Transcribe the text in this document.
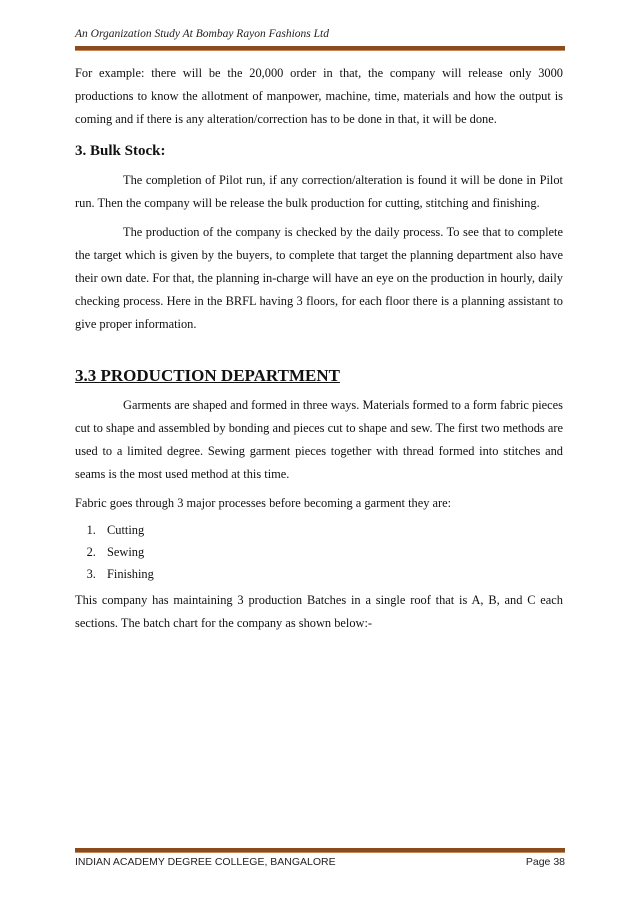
An Organization Study At Bombay Rayon Fashions Ltd

For example: there will be the 20,000 order in that, the company will release only 3000 productions to know the allotment of manpower, machine, time, materials and how the output is coming and if there is any alteration/correction has to be done in that, it will be done.

3. Bulk Stock:

The completion of Pilot run, if any correction/alteration is found it will be done in Pilot run. Then the company will be release the bulk production for cutting, stitching and finishing.

The production of the company is checked by the daily process. To see that to complete the target which is given by the buyers, to complete that target the planning department also have their own date. For that, the planning in-charge will have an eye on the production in hourly, daily checking process. Here in the BRFL having 3 floors, for each floor there is a planning assistant to give proper information.

3.3 PRODUCTION DEPARTMENT

Garments are shaped and formed in three ways. Materials formed to a form fabric pieces cut to shape and assembled by bonding and pieces cut to shape and sew. The first two methods are used to a limited degree. Sewing garment pieces together with thread formed into stitches and seams is the most used method at this time.

Fabric goes through 3 major processes before becoming a garment they are:

1. Cutting
2. Sewing
3. Finishing

This company has maintaining 3 production Batches in a single roof that is A, B, and C each sections. The batch chart for the company as shown below:-

INDIAN ACADEMY DEGREE COLLEGE, BANGALORE	Page 38
